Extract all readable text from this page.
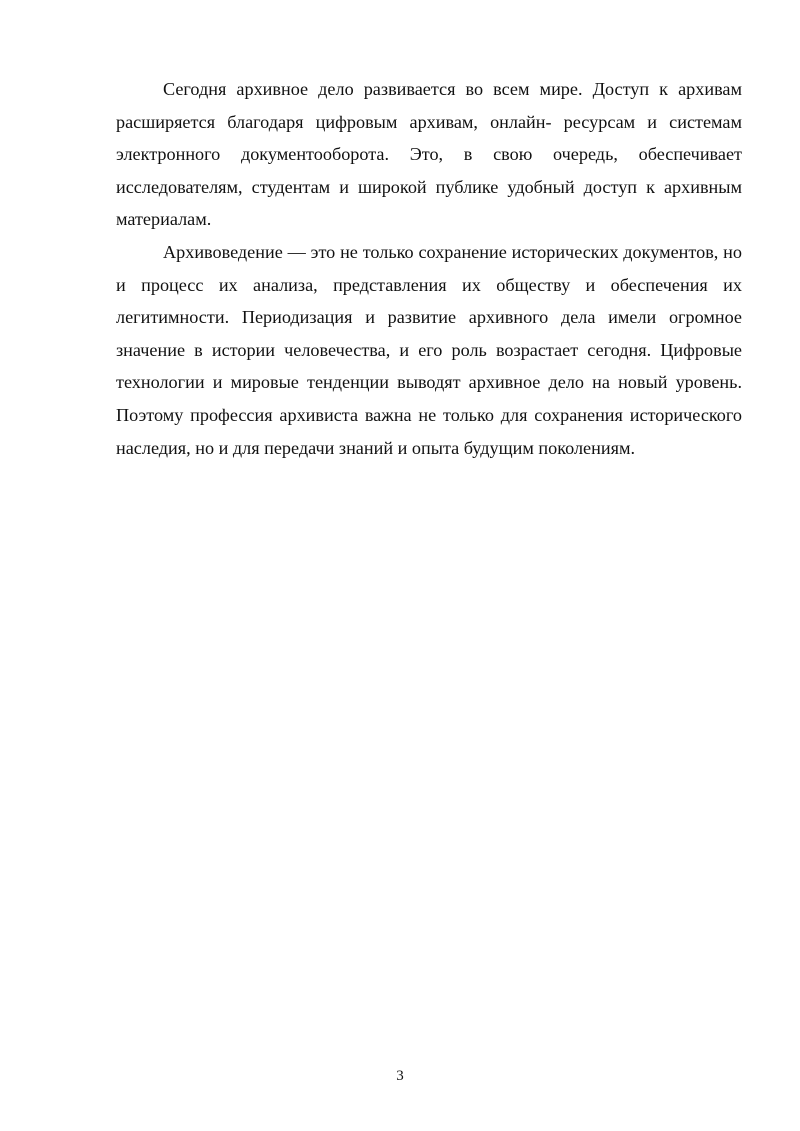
Сегодня архивное дело развивается во всем мире. Доступ к архивам расширяется благодаря цифровым архивам, онлайн- ресурсам и системам электронного документооборота. Это, в свою очередь, обеспечивает исследователям, студентам и широкой публике удобный доступ к архивным материалам.

Архивоведение — это не только сохранение исторических документов, но и процесс их анализа, представления их обществу и обеспечения их легитимности. Периодизация и развитие архивного дела имели огромное значение в истории человечества, и его роль возрастает сегодня. Цифровые технологии и мировые тенденции выводят архивное дело на новый уровень. Поэтому профессия архивиста важна не только для сохранения исторического наследия, но и для передачи знаний и опыта будущим поколениям.

3
